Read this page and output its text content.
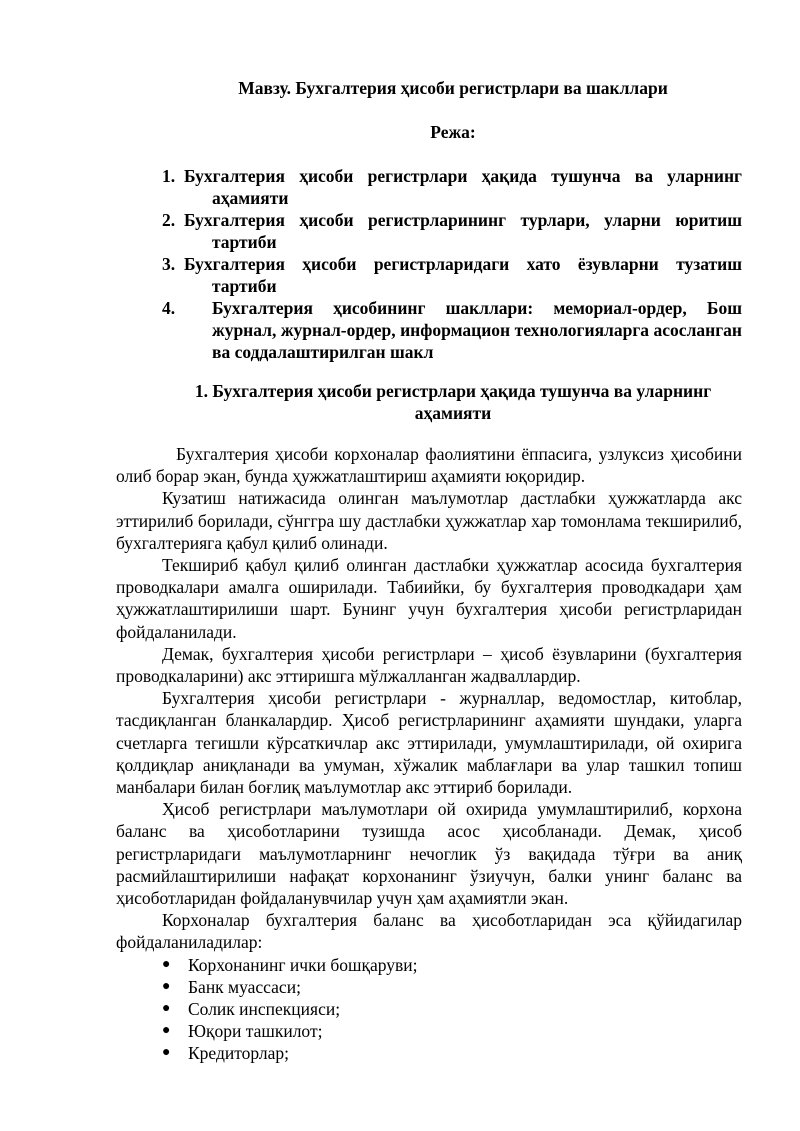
Мавзу. Бухгалтерия ҳисоби регистрлари ва шакллари
Режа:
1. Бухгалтерия ҳисоби регистрлари ҳақида тушунча ва уларнинг аҳамияти
2. Бухгалтерия ҳисоби регистрларининг турлари, уларни юритиш тартиби
3. Бухгалтерия ҳисоби регистрларидаги хато ёзувларни тузатиш тартиби
4. Бухгалтерия ҳисобининг шакллари: мемориал-ордер, Бош журнал, журнал-ордер, информацион технологияларга асосланган ва соддалаштирилган шакл
1. Бухгалтерия ҳисоби регистрлари ҳақида тушунча ва уларнинг аҳамияти

Бухгалтерия ҳисоби корхоналар фаолиятини ёппасига, узлуксиз ҳисобини олиб борар экан, бунда ҳужжатлаштириш аҳамияти юқоридир.

Кузатиш натижасида олинган маълумотлар дастлабки ҳужжатларда акс эттирилиб борилади, сўнггра шу дастлабки ҳужжатлар хар томонлама текширилиб, бухгалтерияга қабул қилиб олинади.

Текшириб қабул қилиб олинган дастлабки ҳужжатлар асосида бухгалтерия проводкалари амалга оширилади. Табиийки, бу бухгалтерия проводкадари ҳам ҳужжатлаштирилиши шарт. Бунинг учун бухгалтерия ҳисоби регистрларидан фойдаланилади.

Демак, бухгалтерия ҳисоби регистрлари – ҳисоб ёзувларини (бухгалтерия проводкаларини) акс эттиришга мўлжалланган жадваллардир.

Бухгалтерия ҳисоби регистрлари - журналлар, ведомостлар, китоблар, тасдиқланган бланкалардир. Ҳисоб регистрларининг аҳамияти шундаки, уларга счетларга тегишли кўрсаткичлар акс эттирилади, умумлаштирилади, ой охирига қолдиқлар аниқланади ва умуман, хўжалик маблағлари ва улар ташкил топиш манбалари билан боғлиқ маълумотлар акс эттириб борилади.

Ҳисоб регистрлари маълумотлари ой охирида умумлаштирилиб, корхона баланс ва ҳисоботларини тузишда асос ҳисобланади. Демак, ҳисоб регистрларидаги маълумотларнинг нечоглик ўз вақидада тўғри ва аниқ расмийлаштирилиши нафақат корхонанинг ўзиучун, балки унинг баланс ва ҳисоботларидан фойдаланувчилар учун ҳам аҳамиятли экан.

Корхоналар бухгалтерия баланс ва ҳисоботларидан эса қўйидагилар фойдаланиладилар:

● Корхонанинг ички бошқаруви;
● Банк муассаси;
● Солик инспекцияси;
● Юқори ташкилот;
● Кредиторлар;
